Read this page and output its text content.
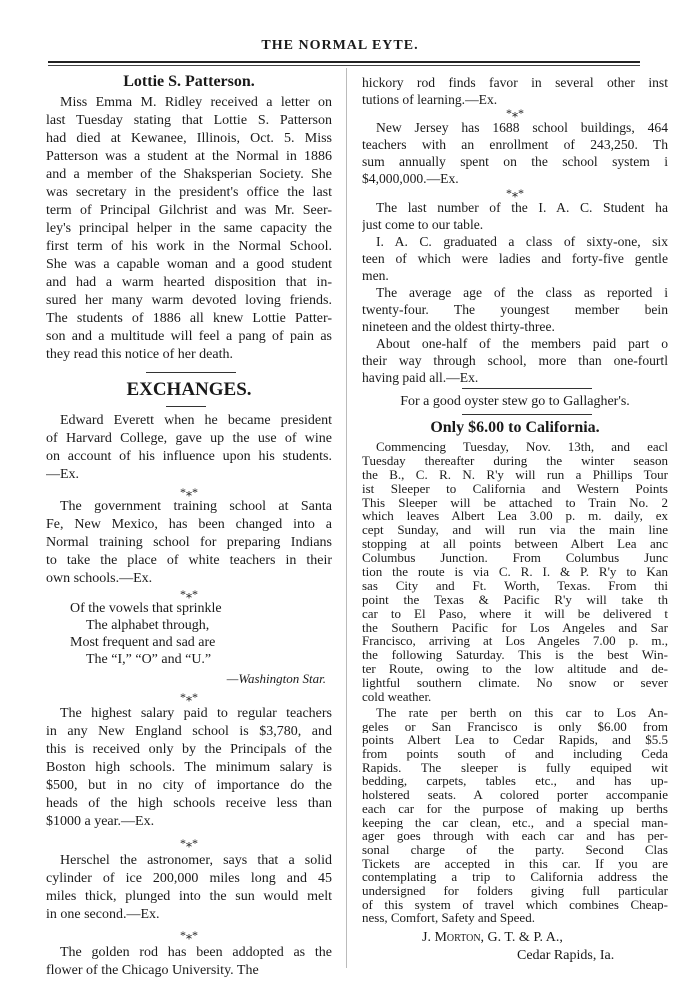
THE NORMAL EYTE.
Lottie S. Patterson.
Miss Emma M. Ridley received a letter on
last Tuesday stating that Lottie S. Patterson
had died at Kewanee, Illinois, Oct. 5. Miss
Patterson was a student at the Normal in 1886
and a member of the Shaksperian Society. She
was secretary in the president's office the last
term of Principal Gilchrist and was Mr. Seer-
ley's principal helper in the same capacity the
first term of his work in the Normal School.
She was a capable woman and a good student
and had a warm hearted disposition that in-
sured her many warm devoted loving friends.
The students of 1886 all knew Lottie Patter-
son and a multitude will feel a pang of pain as
they read this notice of her death.
EXCHANGES.
Edward Everett when he became president
of Harvard College, gave up the use of wine
on account of his influence upon his students.
—Ex.
*⁎*
The government training school at Santa
Fe, New Mexico, has been changed into a
Normal training school for preparing Indians
to take the place of white teachers in their
own schools.—Ex.
*⁎*
Of the vowels that sprinkle
The alphabet through,
Most frequent and sad are
The “I,” “O” and “U.”
—Washington Star.
*⁎*
The highest salary paid to regular teachers
in any New England school is $3,780, and
this is received only by the Principals of the
Boston high schools. The minimum salary is
$500, but in no city of importance do the
heads of the high schools receive less than
$1000 a year.—Ex.
*⁎*
Herschel the astronomer, says that a solid
cylinder of ice 200,000 miles long and 45
miles thick, plunged into the sun would melt
in one second.—Ex.
*⁎*
The golden rod has been addopted as the
flower of the Chicago University. The
hickory rod finds favor in several other inst
tutions of learning.—Ex.
*⁎*
New Jersey has 1688 school buildings, 464
teachers with an enrollment of 243,250. Th
sum annually spent on the school system i
$4,000,000.—Ex.
*⁎*
The last number of the I. A. C. Student ha
just come to our table.
I. A. C. graduated a class of sixty-one, six
teen of which were ladies and forty-five gentle
men.
The average age of the class as reported i
twenty-four. The youngest member bein
nineteen and the oldest thirty-three.
About one-half of the members paid part o
their way through school, more than one-fourtl
having paid all.—Ex.
For a good oyster stew go to Gallagher's.
Only $6.00 to California.
Commencing Tuesday, Nov. 13th, and eacl
Tuesday thereafter during the winter season
the B., C. R. N. R'y will run a Phillips Tour
ist Sleeper to California and Western Points
This Sleeper will be attached to Train No. 2
which leaves Albert Lea 3.00 p. m. daily, ex
cept Sunday, and will run via the main line
stopping at all points between Albert Lea anc
Columbus Junction. From Columbus Junc
tion the route is via C. R. I. & P. R'y to Kan
sas City and Ft. Worth, Texas. From thi
point the Texas & Pacific R'y will take th
car to El Paso, where it will be delivered t
the Southern Pacific for Los Angeles and Sar
Francisco, arriving at Los Angeles 7.00 p. m.,
the following Saturday. This is the best Win-
ter Route, owing to the low altitude and de-
lightful southern climate. No snow or sever
cold weather.
The rate per berth on this car to Los An-
geles or San Francisco is only $6.00 from
points Albert Lea to Cedar Rapids, and $5.5
from points south of and including Ceda
Rapids. The sleeper is fully equiped wit
bedding, carpets, tables etc., and has up-
holstered seats. A colored porter accompanie
each car for the purpose of making up berths
keeping the car clean, etc., and a special man-
ager goes through with each car and has per-
sonal charge of the party. Second Clas
Tickets are accepted in this car. If you are
contemplating a trip to California address the
undersigned for folders giving full particular
of this system of travel which combines Cheap-
ness, Comfort, Safety and Speed.
J. Morton, G. T. & P. A.,
Cedar Rapids, Ia.
